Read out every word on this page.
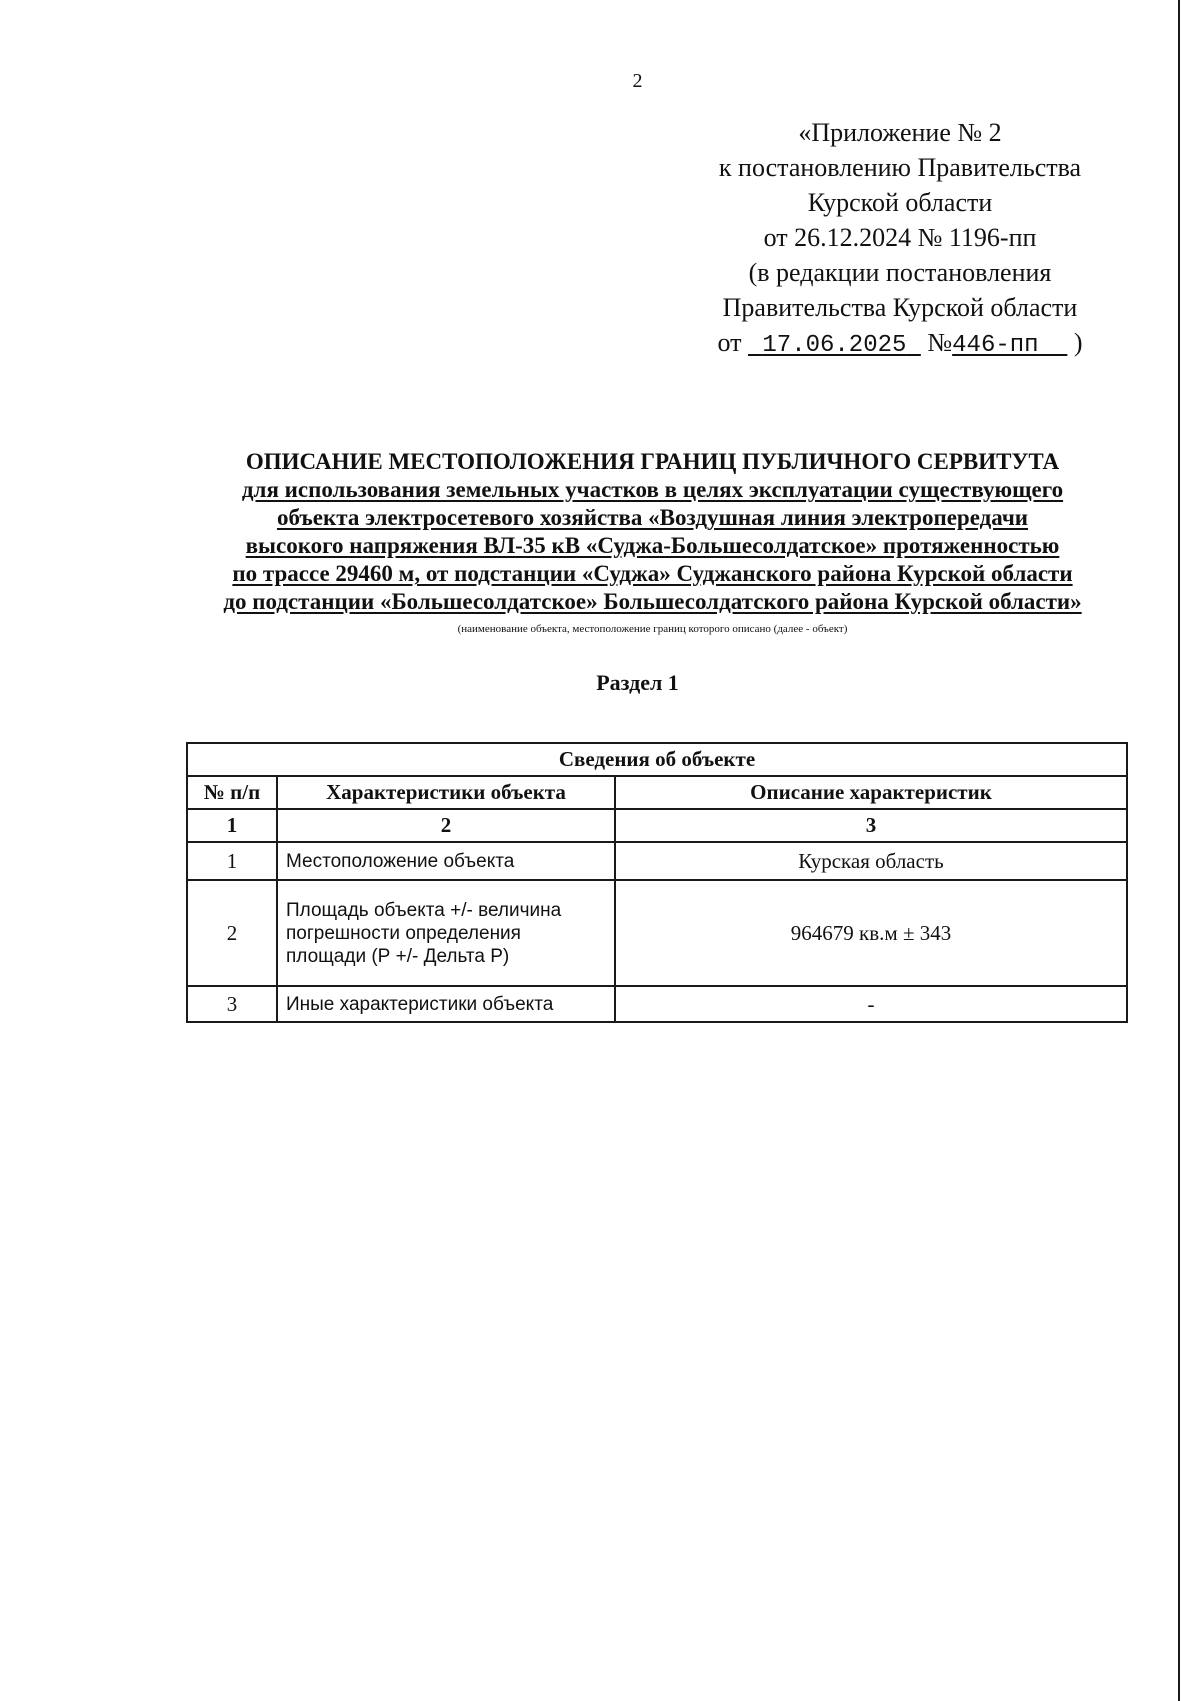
2
«Приложение № 2
к постановлению Правительства
Курской области
от 26.12.2024 № 1196-пп
(в редакции постановления
Правительства Курской области
от 17.06.2025 №446-пп )
ОПИСАНИЕ МЕСТОПОЛОЖЕНИЯ ГРАНИЦ ПУБЛИЧНОГО СЕРВИТУТА
для использования земельных участков в целях эксплуатации существующего
объекта электросетевого хозяйства «Воздушная линия электропередачи
высокого напряжения ВЛ-35 кВ «Суджа-Большесолдатское» протяженностью
по трассе 29460 м, от подстанции «Суджа» Суджанского района Курской области
до подстанции «Большесолдатское» Большесолдатского района Курской области»
(наименование объекта, местоположение границ которого описано (далее - объект)
Раздел 1
Сведения об объекте		
№ п/п	Характеристики объекта	Описание характеристик
1	2	3
1	Местоположение объекта	Курская область
2	Площадь объекта +/- величина погрешности определения площади (Р +/- Дельта Р)	964679 кв.м ± 343
3	Иные характеристики объекта	-
